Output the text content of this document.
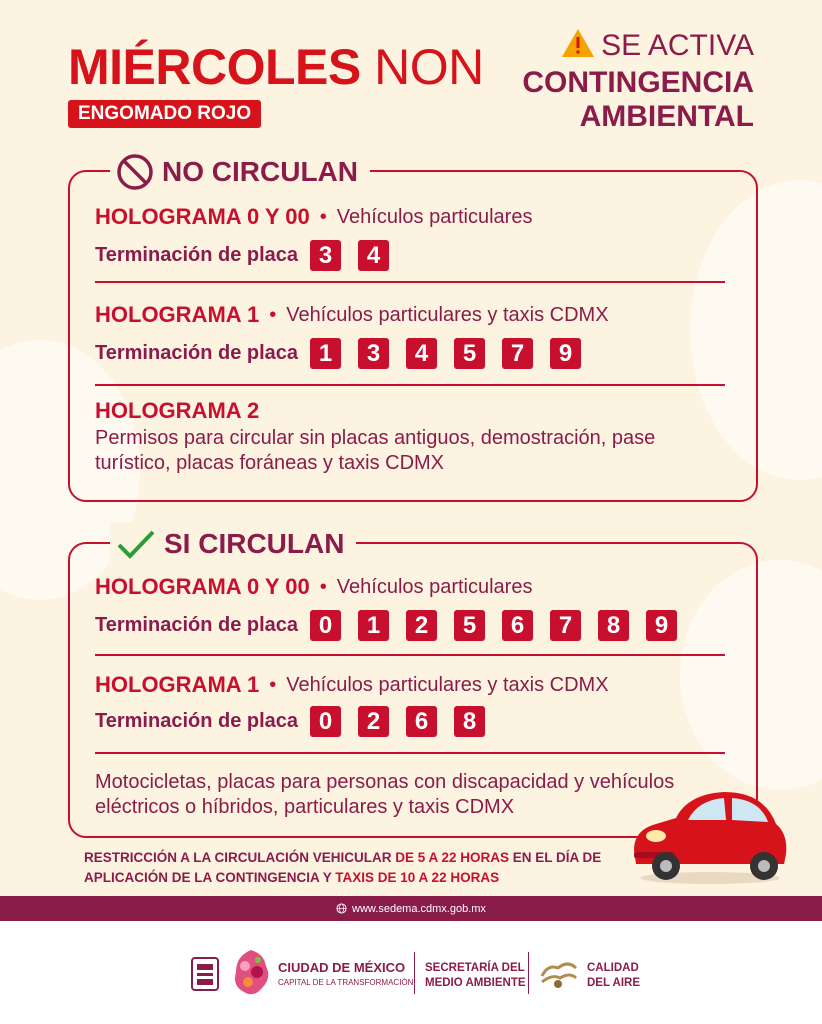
MIÉRCOLES NON
ENGOMADO ROJO
SE ACTIVA
CONTINGENCIA
AMBIENTAL
NO CIRCULAN
HOLOGRAMA 0 Y 00 • Vehículos particulares
Terminación de placa 3	4
HOLOGRAMA 1 • Vehículos particulares y taxis CDMX
Terminación de placa 1	3	4	5	7	9
HOLOGRAMA 2
Permisos para circular sin placas antiguos, demostración, pase turístico, placas foráneas y taxis CDMX
SI CIRCULAN
HOLOGRAMA 0 Y 00 • Vehículos particulares
Terminación de placa 0	1	2	5	6	7	8	9
HOLOGRAMA 1 • Vehículos particulares y taxis CDMX
Terminación de placa 0	2	6	8
Motocicletas, placas para personas con discapacidad y vehículos eléctricos o híbridos, particulares y taxis CDMX
RESTRICCIÓN A LA CIRCULACIÓN VEHICULAR DE 5 A 22 HORAS EN EL DÍA DE APLICACIÓN DE LA CONTINGENCIA Y TAXIS DE 10 A 22 HORAS
www.sedema.cdmx.gob.mx
CIUDAD DE MÉXICO
CAPITAL DE LA TRANSFORMACIÓN
SECRETARÍA DEL
MEDIO AMBIENTE
CALIDAD
DEL AIRE
